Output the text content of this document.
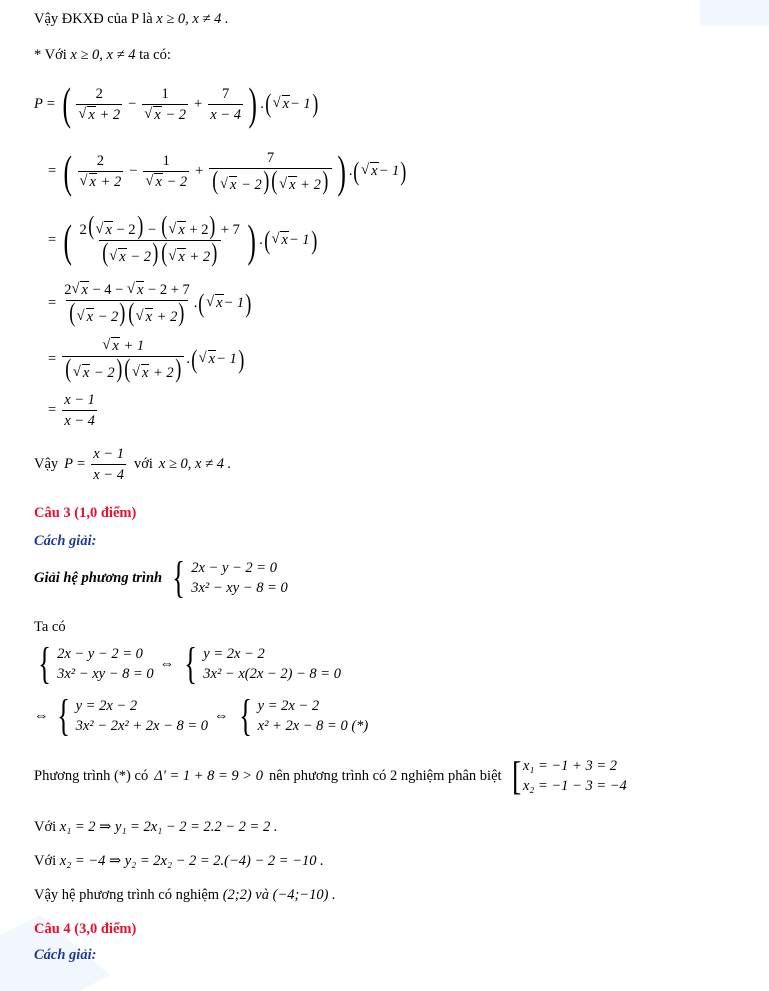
Vậy ĐKXĐ của P là x ≥ 0, x ≠ 4 .
* Với x ≥ 0, x ≠ 4 ta có:
P = ( 2
√ x + 2 − 1
√ $x - 2 + \frac{7}{x - 4}$ ) . ( √ x − 1 )
= ( 2
√ x + 2 − 1
√ $x - 2 + \frac{7}{( √ x - 2) ( √ x + 2)}$ ) . ( √ x − 1 )
= ( $\frac{2( √ x - 2) - ( √ x + 2) + 7}{( √ x - 2) ( √ x + 2)}$ ) . ( √ x − 1 )
= $\frac{2 √ x - 4 - √ x - 2 + 7}{( √ x - 2) ( √ x + 2)}$ . ( √ x − 1 )
= √ $\frac{x + 1}{( √ x - 2) ( √ x + 2)}$ . ( √ x − 1 )
= $\frac{x - 1}{x - 4}$
Vậy $P = \frac{x - 1}{x - 4}$ với x ≥ 0, x ≠ 4 .
Câu 3 (1,0 điểm)
Cách giải:
Giải hệ phương trình { 2x − y − 2 = 0
3x² − xy − 8 = 0
Ta có
{ 2x − y − 2 = 0
3x² − xy − 8 = 0
⇔ { y = 2x − 2
3x² − x(2x − 2) − 8 = 0
⇔ { y = 2x − 2
3x² − 2x² + 2x − 8 = 0
⇔ { y = 2x − 2
x² + 2x − 8 = 0 (*)
Phương trình (*) có Δ' = 1 + 8 = 9 > 0 nên phương trình có 2 nghiệm phân biệt [ x₁ = −1 + 3 = 2
x₂ = −1 − 3 = −4
Với x₁ = 2 ⇒ y₁ = 2x₁ − 2 = 2.2 − 2 = 2 .
Với x₂ = −4 ⇒ y₂ = 2x₂ − 2 = 2.(−4) − 2 = −10 .
Vậy hệ phương trình có nghiệm (2;2) và (−4;−10) .
Câu 4 (3,0 điểm)
Cách giải:
